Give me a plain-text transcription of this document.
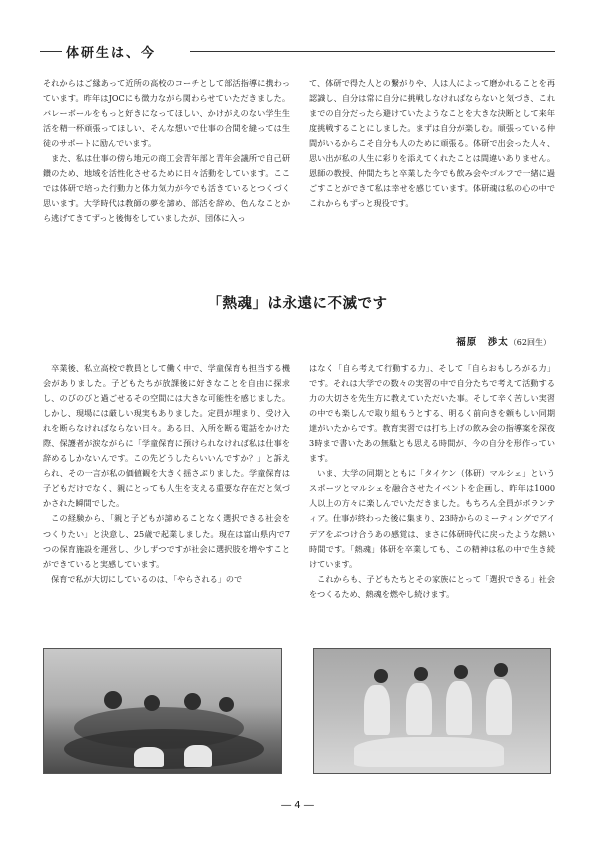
体研生は、今

それからはご縁あって近所の高校のコーチとして部活指導に携わっています。昨年はJOCにも徴力ながら関わらせていただきました。バレーボールをもっと好きになってほしい、かけがえのない学生生活を精一杯頑張ってほしい、そんな想いで仕事の合間を縫っては生徒のサポートに励んでいます。

また、私は仕事の傍ら地元の商工会青年部と青年会議所で自己研鑽のため、地域を活性化させるために日々活動をしています。ここでは体研で培った行動力と体力気力が今でも活きているとつくづく思います。大学時代は教師の夢を諦め、部活を辞め、色んなことから逃げてきてずっと後悔をしていましたが、団体に入っ

て、体研で得た人との繋がりや、人は人によって磨かれることを再認識し、自分は常に自分に挑戦しなければならないと気づき、これまでの自分だったら避けていたようなことを大きな決断として来年度挑戦することにしました。まずは自分が楽しむ。頑張っている仲間がいるからこそ自分も人のために頑張る。体研で出会った人々、思い出が私の人生に彩りを添えてくれたことは間違いありません。恩師の教授、仲間たちと卒業した今でも飲み会やゴルフで一緒に過ごすことができて私は幸せを感じています。体研魂は私の心の中でこれからもずっと現役です。

「熱魂」は永遠に不滅です
福原　渉太（62回生）

卒業後、私立高校で教員として働く中で、学童保育も担当する機会がありました。子どもたちが放課後に好きなことを自由に探求し、のびのびと過ごせるその空間には大きな可能性を感じました。しかし、現場には厳しい現実もありました。定員が埋まり、受け入れを断らなければならない日々。ある日、入所を断る電話をかけた際、保護者が涙ながらに「学童保育に預けられなければ私は仕事を辞めるしかないんです。この先どうしたらいいんですか？」と訴えられ、その一言が私の価値観を大きく揺さぶりました。学童保育は子どもだけでなく、親にとっても人生を支える重要な存在だと気づかされた瞬間でした。

この経験から、「親と子どもが諦めることなく選択できる社会をつくりたい」と決意し、25歳で起業しました。現在は富山県内で7つの保育施設を運営し、少しずつですが社会に選択肢を増やすことができていると実感しています。

保育で私が大切にしているのは、「やらされる」ので

はなく「自ら考えて行動する力」、そして「自らおもしろがる力」です。それは大学での数々の実習の中で自分たちで考えて活動する力の大切さを先生方に教えていただいた事。そして辛く苦しい実習の中でも楽しんで取り組もうとする、明るく前向きを頼もしい同期達がいたからです。教育実習では打ち上げの飲み会の指導案を深夜3時まで書いたあの無駄とも思える時間が、今の自分を形作っています。

いま、大学の同期とともに「タイケン（体研）マルシェ」というスポーツとマルシェを融合させたイベントを企画し、昨年は1000人以上の方々に楽しんでいただきました。もちろん全員がボランティア。仕事が終わった後に集まり、23時からのミーティングでアイデアをぶつけ合うあの感覚は、まさに体研時代に戻ったような熱い時間です。「熱魂」体研を卒業しても、この精神は私の中で生き続けています。

これからも、子どもたちとその家族にとって「選択できる」社会をつくるため、熱魂を燃やし続けます。

― 4 ―
